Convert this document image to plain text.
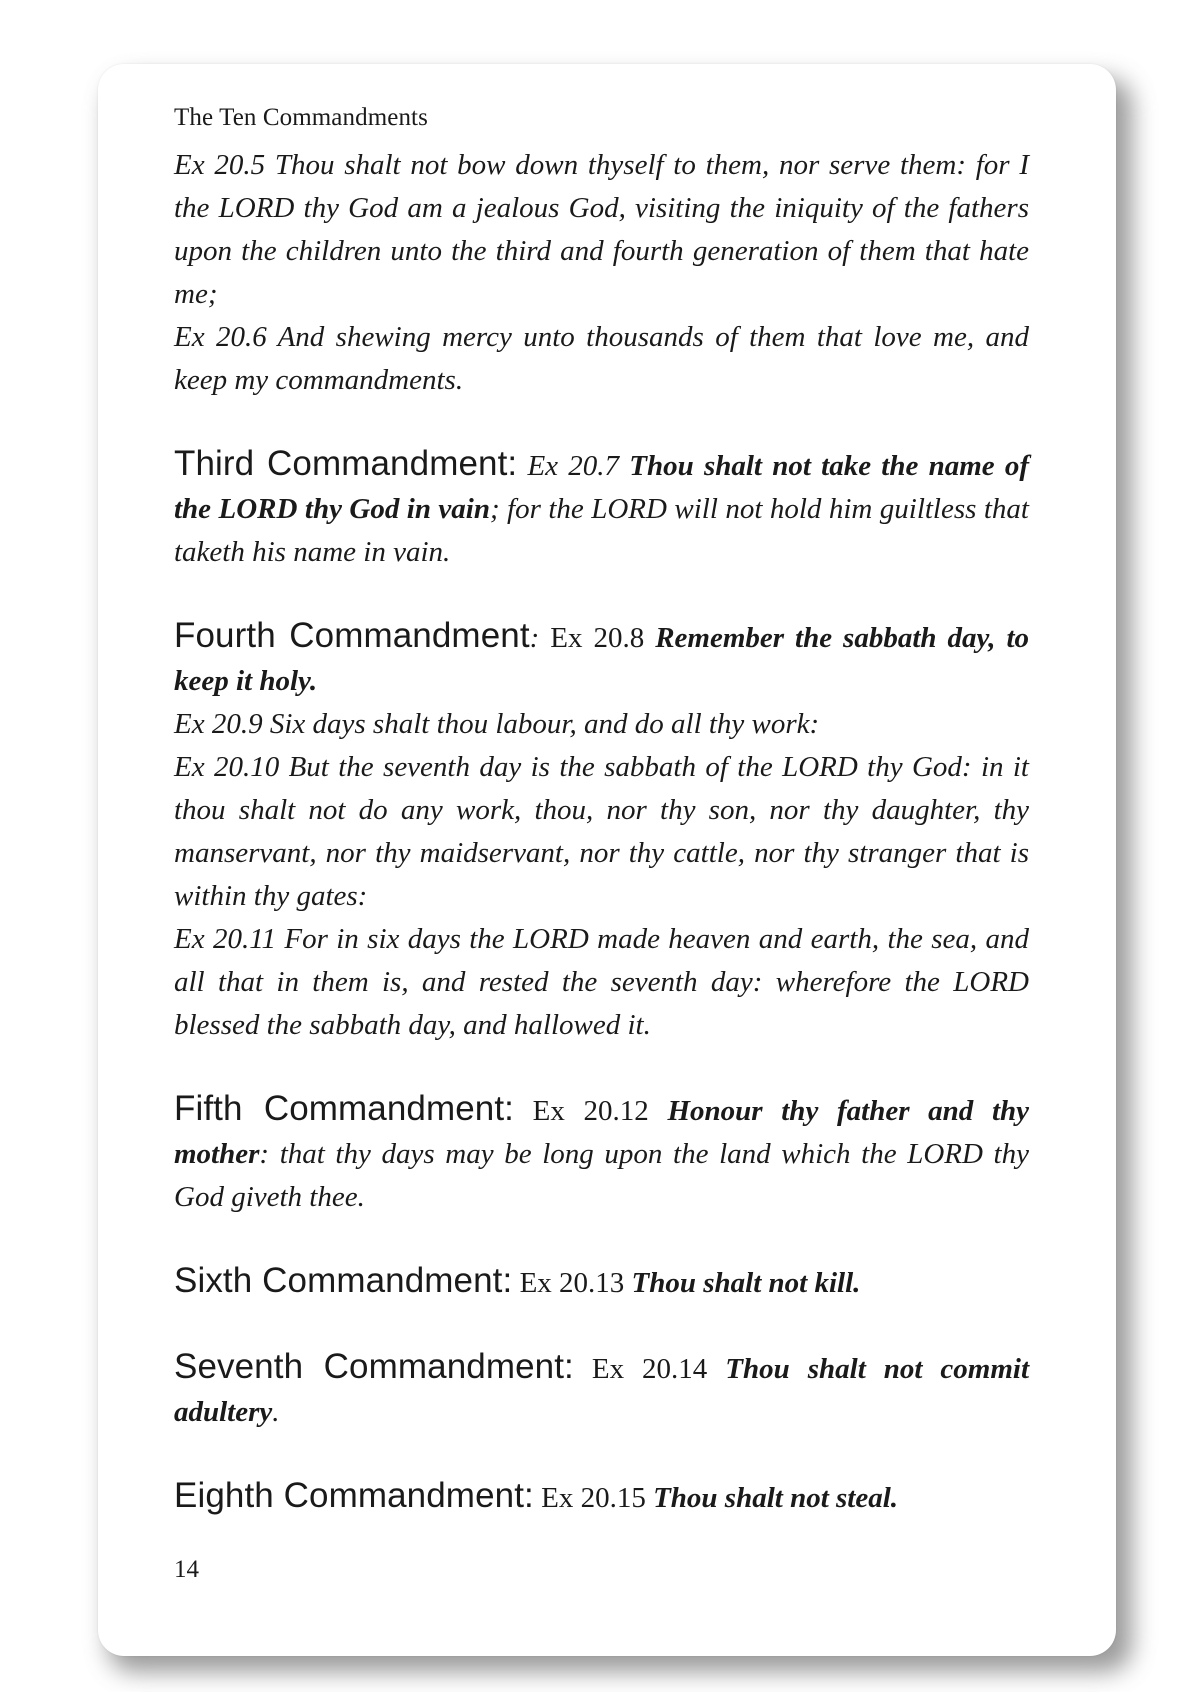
The Ten Commandments

Ex 20.5 Thou shalt not bow down thyself to them, nor serve them: for I the LORD thy God am a jealous God, visiting the iniquity of the fathers upon the children unto the third and fourth generation of them that hate me;
Ex 20.6 And shewing mercy unto thousands of them that love me, and keep my commandments.

Third Commandment: Ex 20.7 Thou shalt not take the name of the LORD thy God in vain; for the LORD will not hold him guiltless that taketh his name in vain.

Fourth Commandment: Ex 20.8 Remember the sabbath day, to keep it holy.
Ex 20.9 Six days shalt thou labour, and do all thy work:
Ex 20.10 But the seventh day is the sabbath of the LORD thy God: in it thou shalt not do any work, thou, nor thy son, nor thy daughter, thy manservant, nor thy maidservant, nor thy cattle, nor thy stranger that is within thy gates:
Ex 20.11 For in six days the LORD made heaven and earth, the sea, and all that in them is, and rested the seventh day: wherefore the LORD blessed the sabbath day, and hallowed it.

Fifth Commandment: Ex 20.12 Honour thy father and thy mother: that thy days may be long upon the land which the LORD thy God giveth thee.

Sixth Commandment: Ex 20.13 Thou shalt not kill.

Seventh Commandment: Ex 20.14 Thou shalt not commit adultery.

Eighth Commandment: Ex 20.15 Thou shalt not steal.

14
